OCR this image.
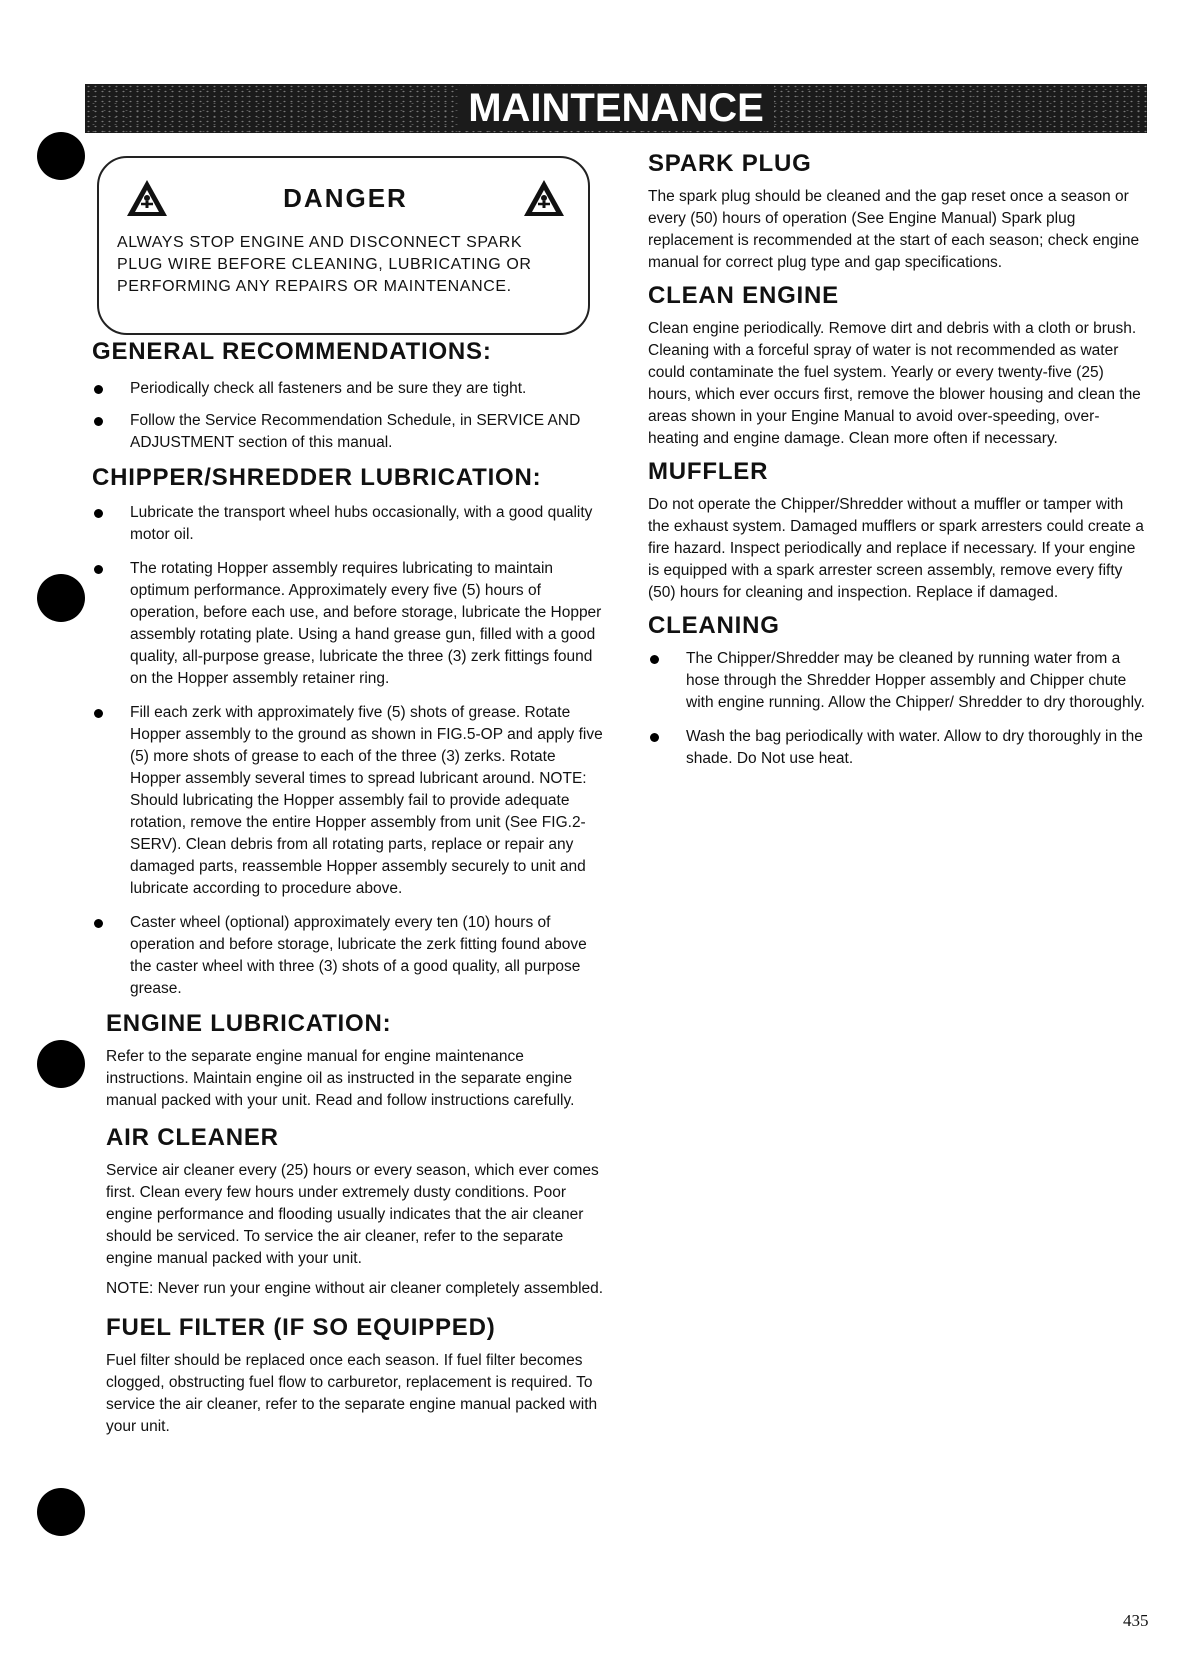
MAINTENANCE
DANGER
ALWAYS STOP ENGINE AND DISCONNECT SPARK PLUG WIRE BEFORE CLEANING, LUBRICATING OR PERFORMING ANY REPAIRS OR MAINTENANCE.
GENERAL RECOMMENDATIONS:
Periodically check all fasteners and be sure they are tight.
Follow the Service Recommendation Schedule, in SERVICE AND ADJUSTMENT section of this manual.
CHIPPER/SHREDDER LUBRICATION:
Lubricate the transport wheel hubs occasionally, with a good quality motor oil.
The rotating Hopper assembly requires lubricating to maintain optimum performance. Approximately every five (5) hours of operation, before each use, and before storage, lubricate the Hopper assembly rotating plate. Using a hand grease gun, filled with a good quality, all-purpose grease, lubricate the three (3) zerk fittings found on the Hopper assembly retainer ring.
Fill each zerk with approximately five (5) shots of grease. Rotate Hopper assembly to the ground as shown in FIG.5-OP and apply five (5) more shots of grease to each of the three (3) zerks. Rotate Hopper assembly several times to spread lubricant around. NOTE: Should lubricating the Hopper assembly fail to provide adequate rotation, remove the entire Hopper assembly from unit (See FIG.2-SERV). Clean debris from all rotating parts, replace or repair any damaged parts, reassemble Hopper assembly securely to unit and lubricate according to procedure above.
Caster wheel (optional) approximately every ten (10) hours of operation and before storage, lubricate the zerk fitting found above the caster wheel with three (3) shots of a good quality, all purpose grease.
ENGINE LUBRICATION:

Refer to the separate engine manual for engine maintenance instructions. Maintain engine oil as instructed in the separate engine manual packed with your unit. Read and follow instructions carefully.

AIR CLEANER

Service air cleaner every (25) hours or every season, which ever comes first. Clean every few hours under extremely dusty conditions. Poor engine performance and flooding usually indicates that the air cleaner should be serviced. To service the air cleaner, refer to the separate engine manual packed with your unit.

NOTE: Never run your engine without air cleaner completely assembled.

FUEL FILTER (IF SO EQUIPPED)

Fuel filter should be replaced once each season. If fuel filter becomes clogged, obstructing fuel flow to carburetor, replacement is required. To service the air cleaner, refer to the separate engine manual packed with your unit.

SPARK PLUG

The spark plug should be cleaned and the gap reset once a season or every (50) hours of operation (See Engine Manual) Spark plug replacement is recommended at the start of each season; check engine manual for correct plug type and gap specifications.

CLEAN ENGINE

Clean engine periodically. Remove dirt and debris with a cloth or brush. Cleaning with a forceful spray of water is not recommended as water could contaminate the fuel system. Yearly or every twenty-five (25) hours, which ever occurs first, remove the blower housing and clean the areas shown in your Engine Manual to avoid over-speeding, over-heating and engine damage. Clean more often if necessary.

MUFFLER

Do not operate the Chipper/Shredder without a muffler or tamper with the exhaust system. Damaged mufflers or spark arresters could create a fire hazard. Inspect periodically and replace if necessary. If your engine is equipped with a spark arrester screen assembly, remove every fifty (50) hours for cleaning and inspection. Replace if damaged.

CLEANING
The Chipper/Shredder may be cleaned by running water from a hose through the Shredder Hopper assembly and Chipper chute with engine running. Allow the Chipper/ Shredder to dry thoroughly.
Wash the bag periodically with water. Allow to dry thoroughly in the shade. Do Not use heat.
435
